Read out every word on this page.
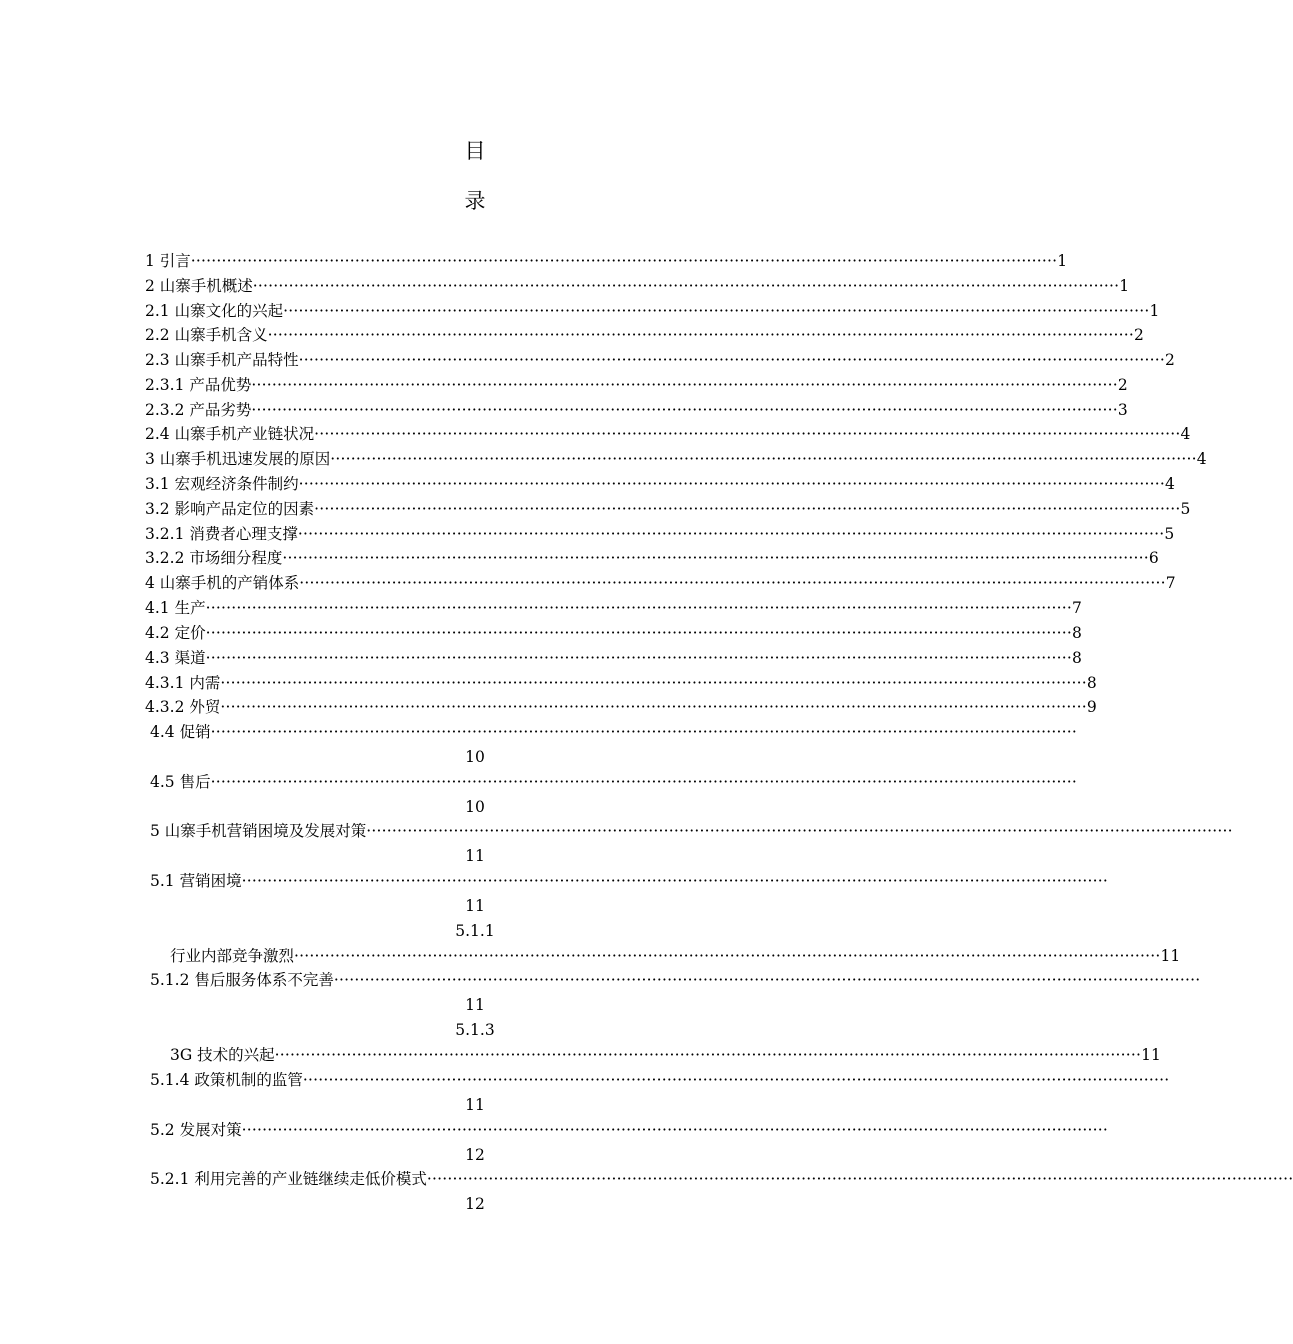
目
录
1 引言 ········································································································································································· 1
2 山寨手机概述 ········································································································································································· 1
2.1 山寨文化的兴起 ········································································································································································· 1
2.2 山寨手机含义 ········································································································································································· 2
2.3 山寨手机产品特性 ········································································································································································· 2
2.3.1 产品优势 ········································································································································································· 2
2.3.2 产品劣势 ········································································································································································· 3
2.4 山寨手机产业链状况 ········································································································································································· 4
3 山寨手机迅速发展的原因 ········································································································································································· 4
3.1 宏观经济条件制约 ········································································································································································· 4
3.2 影响产品定位的因素 ········································································································································································· 5
3.2.1 消费者心理支撑 ········································································································································································· 5
3.2.2 市场细分程度 ········································································································································································· 6
4 山寨手机的产销体系 ········································································································································································· 7
4.1 生产 ········································································································································································· 7
4.2 定价 ········································································································································································· 8
4.3 渠道 ········································································································································································· 8
4.3.1 内需 ········································································································································································· 8
4.3.2 外贸 ········································································································································································· 9
4.4 促销 ·········································································································································································
10
4.5 售后 ·········································································································································································
10
5 山寨手机营销困境及发展对策 ·········································································································································································
11
5.1 营销困境 ·········································································································································································
11
5.1.1
行业内部竞争激烈 ········································································································································································· 11
5.1.2 售后服务体系不完善 ·········································································································································································
11
5.1.3
3G 技术的兴起 ········································································································································································· 11
5.1.4 政策机制的监管 ·········································································································································································
11
5.2 发展对策 ·········································································································································································
12
5.2.1 利用完善的产业链继续走低价模式 ·········································································································································································
12
